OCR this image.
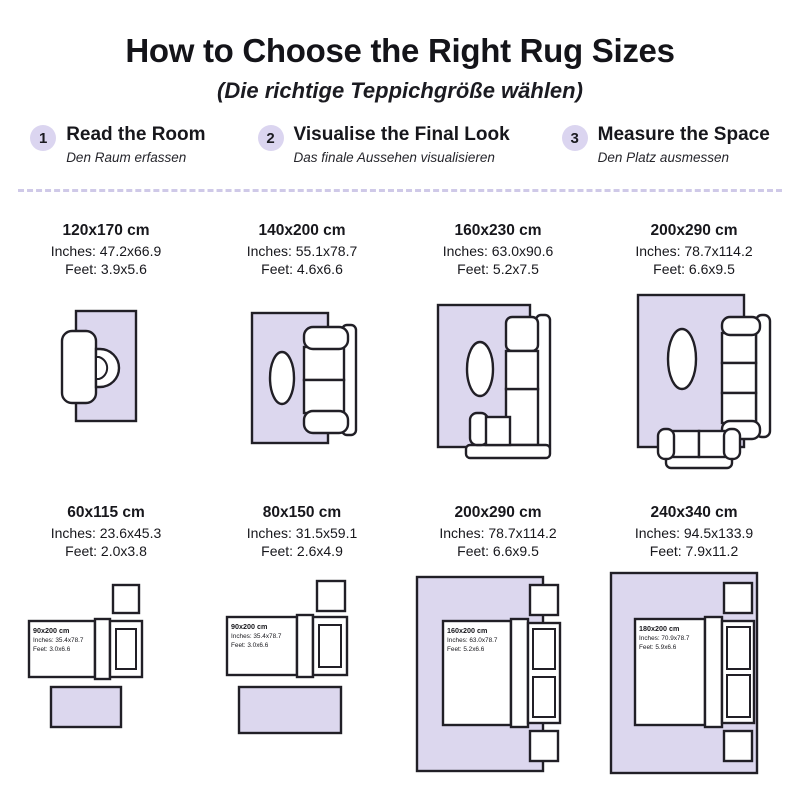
How to Choose the Right Rug Sizes
(Die richtige Teppichgröße wählen)
1 Read the Room
Den Raum erfassen
2 Visualise the Final Look
Das finale Aussehen visualisieren
3 Measure the Space
Den Platz ausmessen
120x170 cm
Inches: 47.2x66.9
Feet: 3.9x5.6
140x200 cm
Inches: 55.1x78.7
Feet: 4.6x6.6
160x230 cm
Inches: 63.0x90.6
Feet: 5.2x7.5
200x290 cm
Inches: 78.7x114.2
Feet: 6.6x9.5
60x115 cm
Inches: 23.6x45.3
Feet: 2.0x3.8
90x200 cm
Inches: 35.4x78.7
Feet: 3.0x6.6
80x150 cm
Inches: 31.5x59.1
Feet: 2.6x4.9
90x200 cm
Inches: 35.4x78.7
Feet: 3.0x6.6
200x290 cm
Inches: 78.7x114.2
Feet: 6.6x9.5
160x200 cm
Inches: 63.0x78.7
Feet: 5.2x6.6
240x340 cm
Inches: 94.5x133.9
Feet: 7.9x11.2
180x200 cm
Inches: 70.9x78.7
Feet: 5.9x6.6
